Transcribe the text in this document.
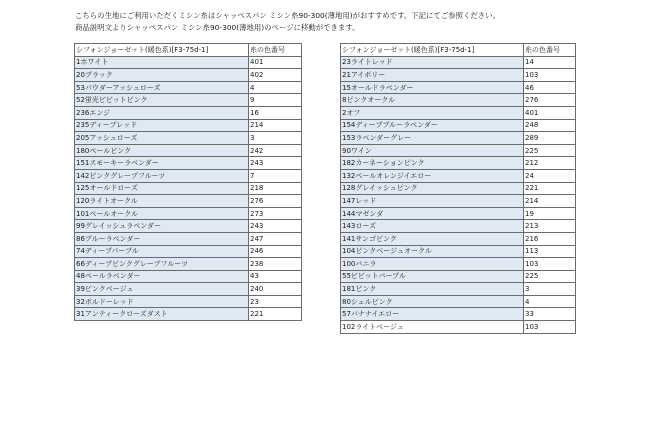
こちらの生地にご利用いただくミシン糸はシャッペスパン ミシン糸90-300(薄地用)がおすすめです。下記にてご参照ください。
商品説明文よりシャッペスパン ミシン糸90-300(薄地用)のページに移動ができます。
シフォンジョーゼット(暖色系)[F3-75d-1]	糸の色番号
1ホワイト	401
20ブラック	402
53パウダーアッシュローズ	4
52蛍光ビビットピンク	9
236エンジ	16
235ディープレッド	214
205アッシュローズ	3
180ペールピンク	242
151スモーキーラベンダー	243
142ピンクグレープフルーツ	7
125オールドローズ	218
120ライトオークル	276
101ペールオークル	273
99グレイッシュラベンダー	243
86ブルーラベンダー	247
74ディープパープル	246
66ディープピンクグレープフルーツ	238
48ペールラベンダー	43
39ピンクベージュ	240
32ボルドーレッド	23
31アンティークローズダスト	221
シフォンジョーゼット(暖色系)[F3-75d-1]	糸の色番号
23ライトレッド	14
21アイボリー	103
15オールドラベンダー	46
8ピンクオークル	276
2オフ	401
154ディープブルーラベンダー	248
153ラベンダーグレー	289
90ワイン	225
182カーネーションピンク	212
132ペールオレンジイエロー	24
128グレイッシュピンク	221
147レッド	214
144マゼンダ	19
143ローズ	213
141サンゴピンク	216
104ピンクベージュオークル	113
100バニラ	103
55ビビットパープル	225
181ピンク	3
80シェルピンク	4
57バナナイエロー	33
102ライトベージュ	103
